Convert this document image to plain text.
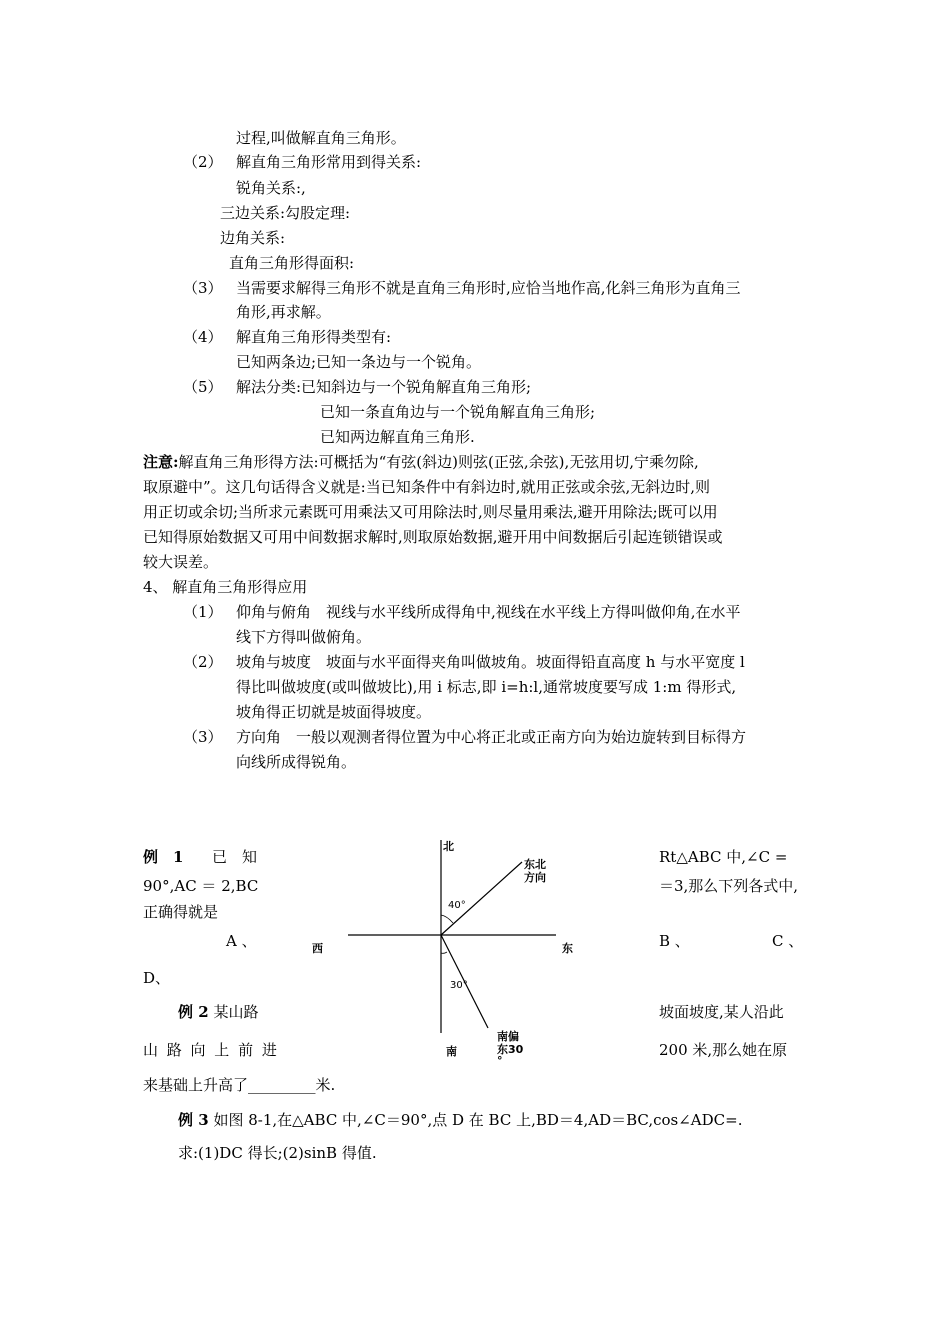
过程,叫做解直角三角形。
（2） 解直角三角形常用到得关系:
锐角关系:,
三边关系:勾股定理:
边角关系:
直角三角形得面积:
（3） 当需要求解得三角形不就是直角三角形时,应恰当地作高,化斜三角形为直角三
角形,再求解。
（4） 解直角三角形得类型有:
已知两条边;已知一条边与一个锐角。
（5） 解法分类:已知斜边与一个锐角解直角三角形;
已知一条直角边与一个锐角解直角三角形;
已知两边解直角三角形.
注意:解直角三角形得方法:可概括为“有弦(斜边)则弦(正弦,余弦),无弦用切,宁乘勿除,
取原避中”。这几句话得含义就是:当已知条件中有斜边时,就用正弦或余弦,无斜边时,则
用正切或余切;当所求元素既可用乘法又可用除法时,则尽量用乘法,避开用除法;既可以用
已知得原始数据又可用中间数据求解时,则取原始数据,避开用中间数据后引起连锁错误或
较大误差。
4、 解直角三角形得应用
（1） 仰角与俯角　视线与水平线所成得角中,视线在水平线上方得叫做仰角,在水平
线下方得叫做俯角。
（2） 坡角与坡度　坡面与水平面得夹角叫做坡角。坡面得铅直高度 h 与水平宽度 l
得比叫做坡度(或叫做坡比),用 i 标志,即 i=h:l,通常坡度要写成 1:m 得形式,
坡角得正切就是坡面得坡度。
（3） 方向角　一般以观测者得位置为中心将正北或正南方向为始边旋转到目标得方
向线所成得锐角。
例　1 已　知	Rt△ABC 中,∠C =
90°,AC ＝ 2,BC	＝3,那么下列各式中,
正确得就是
A 、	B 、	C 、
D、
例 2 某山路	坡面坡度,某人沿此
山 路 向 上 前 进	200 米,那么她在原
来基础上升高了_________米.
例 3 如图 8-1,在△ABC 中,∠C＝90°,点 D 在 BC 上,BD＝4,AD＝BC,cos∠ADC=.
求:(1)DC 得长;(2)sinB 得值.
北
南
东
西
东北
方向
40°
30°
南偏
东30
°
